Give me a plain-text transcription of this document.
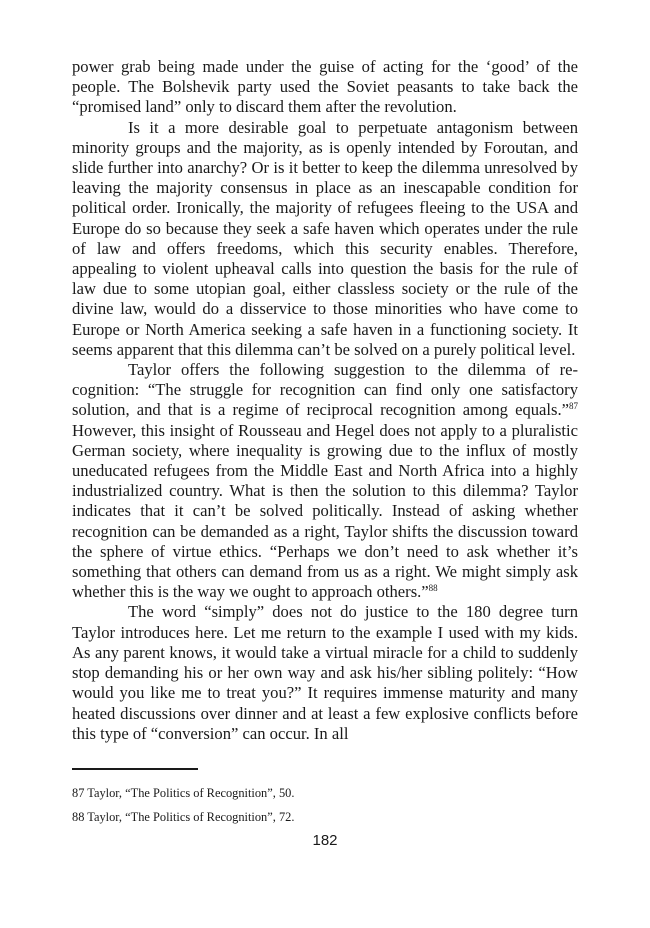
power grab being made under the guise of acting for the ‘good’ of the people. The Bolshevik party used the Soviet peasants to take back the “promised land” only to discard them after the revolution.

Is it a more desirable goal to perpetuate antagonism between minority groups and the majority, as is openly intended by Foroutan, and slide further into anarchy? Or is it better to keep the dilemma unresolved by leaving the majority consensus in place as an inescapable condition for political order. Ironically, the majority of refugees fleeing to the USA and Europe do so because they seek a safe haven which operates under the rule of law and offers freedoms, which this security enables. Therefore, appealing to violent upheaval calls into question the basis for the rule of law due to some utopian goal, either classless society or the rule of the divine law, would do a disservice to those minorities who have come to Europe or North America seeking a safe haven in a functioning society. It seems apparent that this dilemma can’t be solved on a purely political level.

Taylor offers the following suggestion to the dilemma of re-cognition: “The struggle for recognition can find only one satisfactory solution, and that is a regime of reciprocal recognition among equals.”$^{87}$ However, this insight of Rousseau and Hegel does not apply to a pluralistic German society, where inequality is growing due to the influx of mostly uneducated refugees from the Middle East and North Africa into a highly industrialized country. What is then the solution to this dilemma? Taylor indicates that it can’t be solved politically. Instead of asking whether recognition can be demanded as a right, Taylor shifts the discussion toward the sphere of virtue ethics. “Perhaps we don’t need to ask whether it’s something that others can demand from us as a right. We might simply ask whether this is the way we ought to approach others.”$^{88}$

The word “simply” does not do justice to the 180 degree turn Taylor introduces here. Let me return to the example I used with my kids. As any parent knows, it would take a virtual miracle for a child to suddenly stop demanding his or her own way and ask his/her sibling politely: “How would you like me to treat you?” It requires immense maturity and many heated discussions over dinner and at least a few explosive conflicts before this type of “conversion” can occur. In all

87 Taylor, “The Politics of Recognition”, 50.
88 Taylor, “The Politics of Recognition”, 72.
182
